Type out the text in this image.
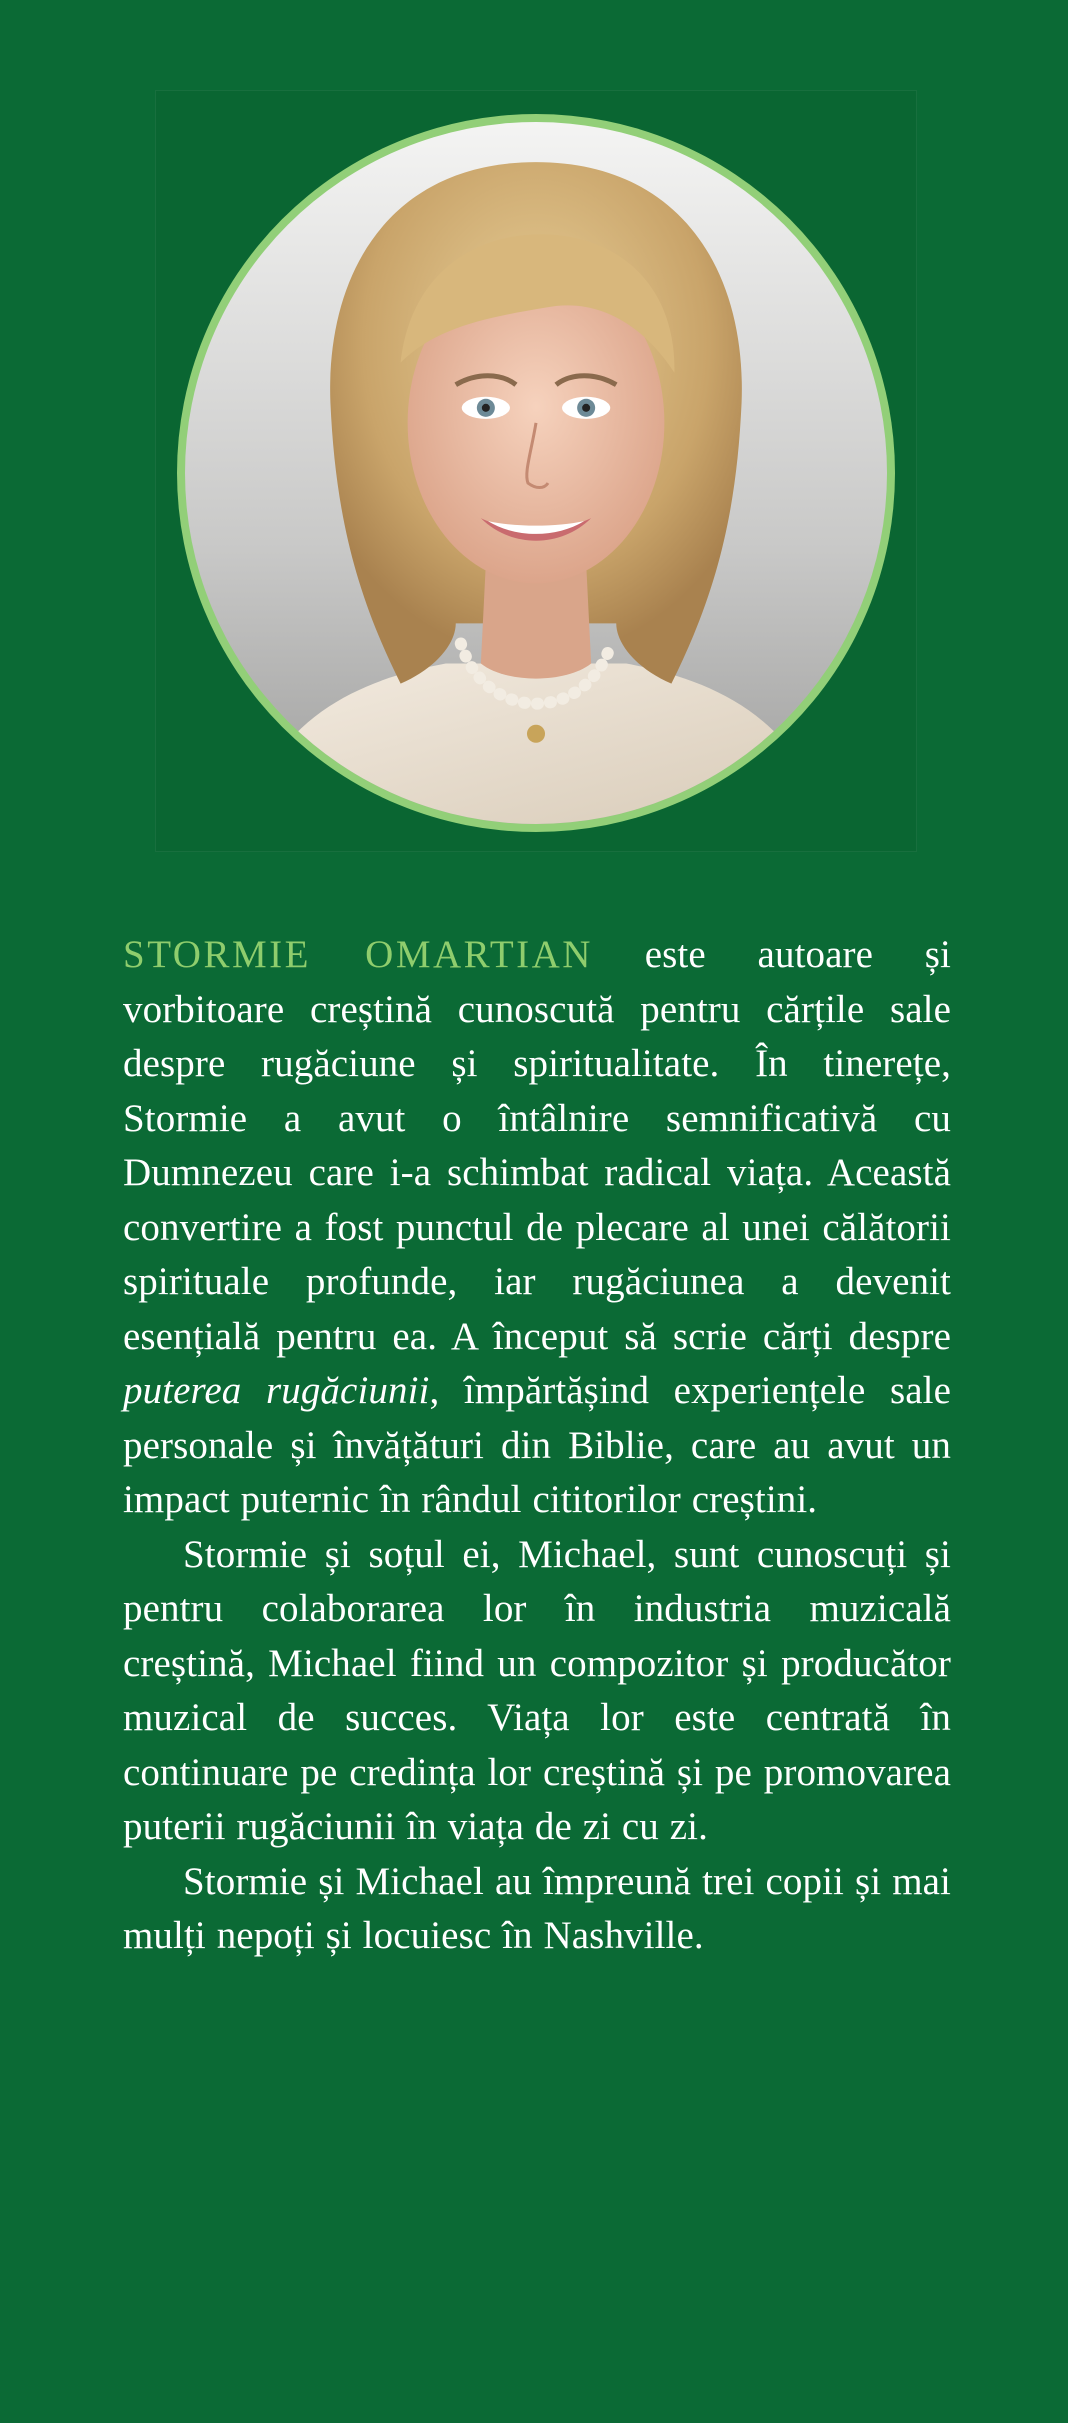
STORMIE OMARTIAN este autoare și vorbitoare creștină cunoscută pentru cărțile sale despre rugăciune și spiritualitate. În tinerețe, Stormie a avut o întâlnire semnificativă cu Dumnezeu care i-a schimbat radical viața. Această convertire a fost punctul de plecare al unei călătorii spirituale profunde, iar rugăciunea a devenit esențială pentru ea. A început să scrie cărți despre puterea rugăciunii, împărtășind experiențele sale personale și învățături din Biblie, care au avut un impact puternic în rândul cititorilor creștini.

Stormie și soțul ei, Michael, sunt cunoscuți și pentru colaborarea lor în industria muzicală creștină, Michael fiind un compozitor și producător muzical de succes. Viața lor este centrată în continuare pe credința lor creștină și pe promovarea puterii rugăciunii în viața de zi cu zi.

Stormie și Michael au împreună trei copii și mai mulți nepoți și locuiesc în Nashville.
